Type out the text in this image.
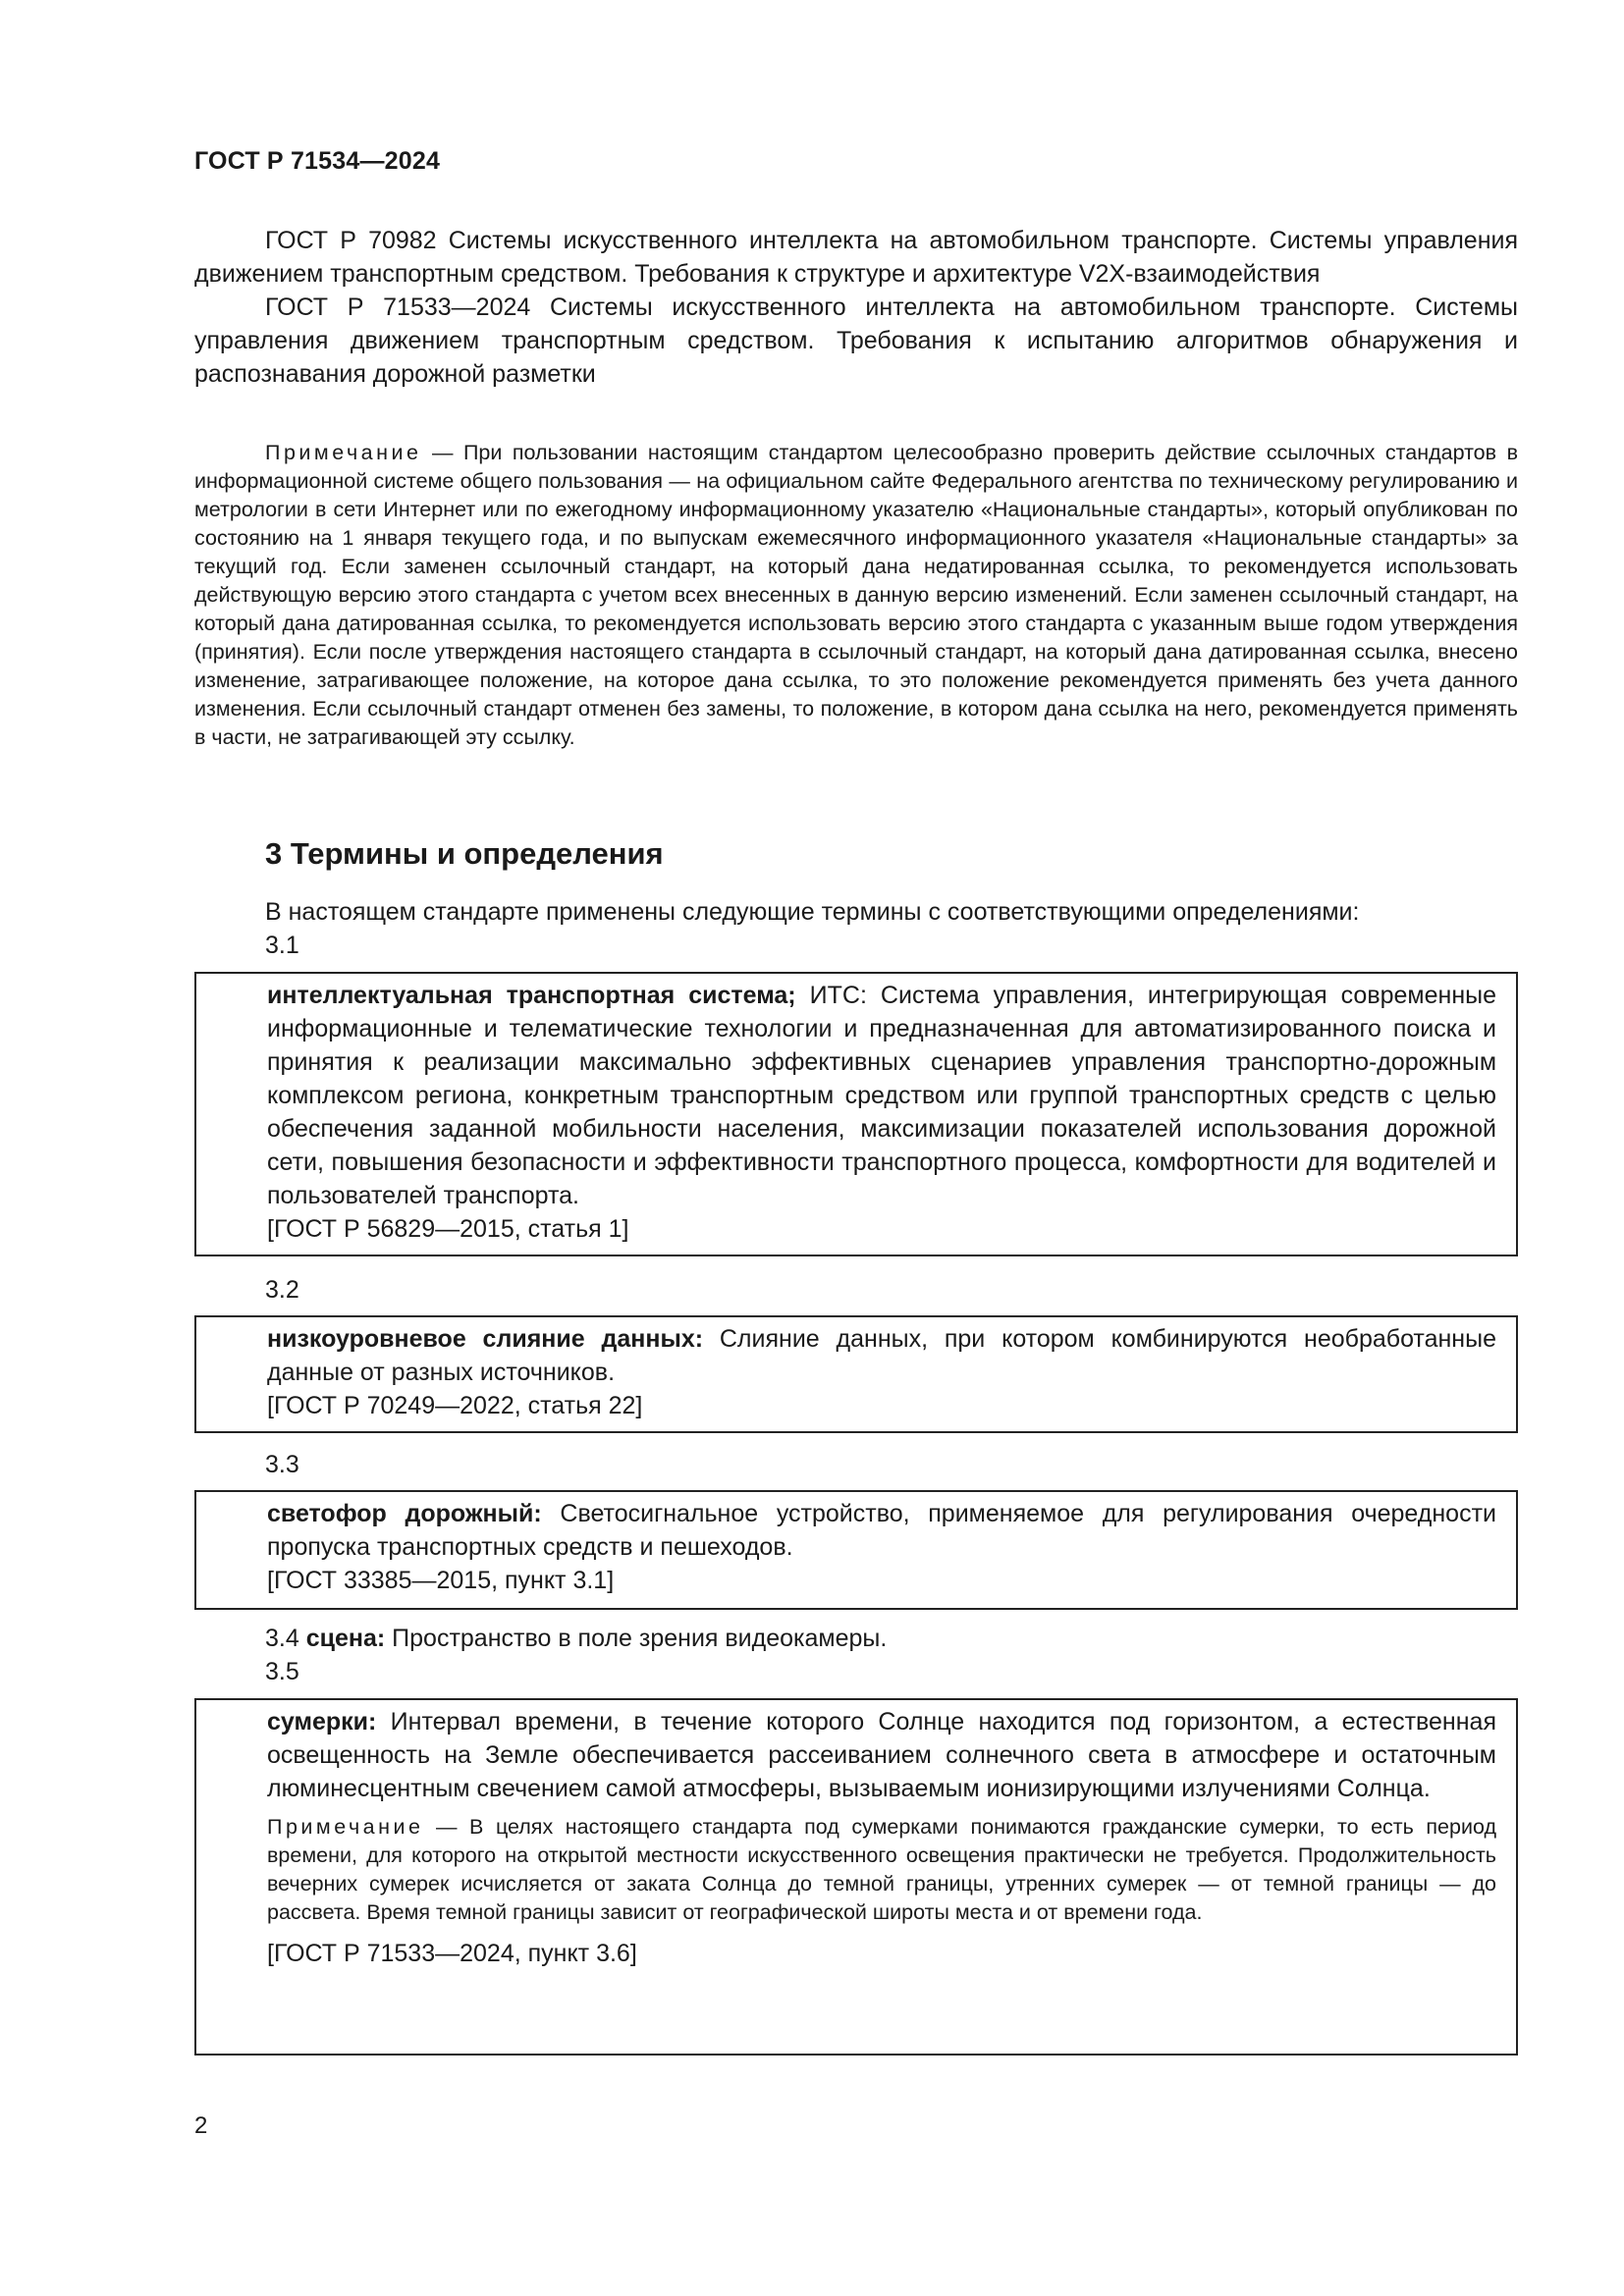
ГОСТ Р 71534—2024

ГОСТ Р 70982 Системы искусственного интеллекта на автомобильном транспорте. Системы управления движением транспортным средством. Требования к структуре и архитектуре V2X-взаимодействия

ГОСТ Р 71533—2024 Системы искусственного интеллекта на автомобильном транспорте. Системы управления движением транспортным средством. Требования к испытанию алгоритмов обнаружения и распознавания дорожной разметки

Примечание — При пользовании настоящим стандартом целесообразно проверить действие ссылочных стандартов в информационной системе общего пользования — на официальном сайте Федерального агентства по техническому регулированию и метрологии в сети Интернет или по ежегодному информационному указателю «Национальные стандарты», который опубликован по состоянию на 1 января текущего года, и по выпускам ежемесячного информационного указателя «Национальные стандарты» за текущий год. Если заменен ссылочный стандарт, на который дана недатированная ссылка, то рекомендуется использовать действующую версию этого стандарта с учетом всех внесенных в данную версию изменений. Если заменен ссылочный стандарт, на который дана датированная ссылка, то рекомендуется использовать версию этого стандарта с указанным выше годом утверждения (принятия). Если после утверждения настоящего стандарта в ссылочный стандарт, на который дана датированная ссылка, внесено изменение, затрагивающее положение, на которое дана ссылка, то это положение рекомендуется применять без учета данного изменения. Если ссылочный стандарт отменен без замены, то положение, в котором дана ссылка на него, рекомендуется применять в части, не затрагивающей эту ссылку.

3 Термины и определения

В настоящем стандарте применены следующие термины с соответствующими определениями:

3.1

интеллектуальная транспортная система; ИТС: Система управления, интегрирующая современные информационные и телематические технологии и предназначенная для автоматизированного поиска и принятия к реализации максимально эффективных сценариев управления транспортно-дорожным комплексом региона, конкретным транспортным средством или группой транспортных средств с целью обеспечения заданной мобильности населения, максимизации показателей использования дорожной сети, повышения безопасности и эффективности транспортного процесса, комфортности для водителей и пользователей транспорта.

[ГОСТ Р 56829—2015, статья 1]
3.2

низкоуровневое слияние данных: Слияние данных, при котором комбинируются необработанные данные от разных источников.

[ГОСТ Р 70249—2022, статья 22]
3.3

светофор дорожный: Светосигнальное устройство, применяемое для регулирования очередности пропуска транспортных средств и пешеходов.

[ГОСТ 33385—2015, пункт 3.1]
3.4 сцена: Пространство в поле зрения видеокамеры.
3.5

сумерки: Интервал времени, в течение которого Солнце находится под горизонтом, а естественная освещенность на Земле обеспечивается рассеиванием солнечного света в атмосфере и остаточным люминесцентным свечением самой атмосферы, вызываемым ионизирующими излучениями Солнца.

Примечание — В целях настоящего стандарта под сумерками понимаются гражданские сумерки, то есть период времени, для которого на открытой местности искусственного освещения практически не требуется. Продолжительность вечерних сумерек исчисляется от заката Солнца до темной границы, утренних сумерек — от темной границы — до рассвета. Время темной границы зависит от географической широты места и от времени года.

[ГОСТ Р 71533—2024, пункт 3.6]
2
